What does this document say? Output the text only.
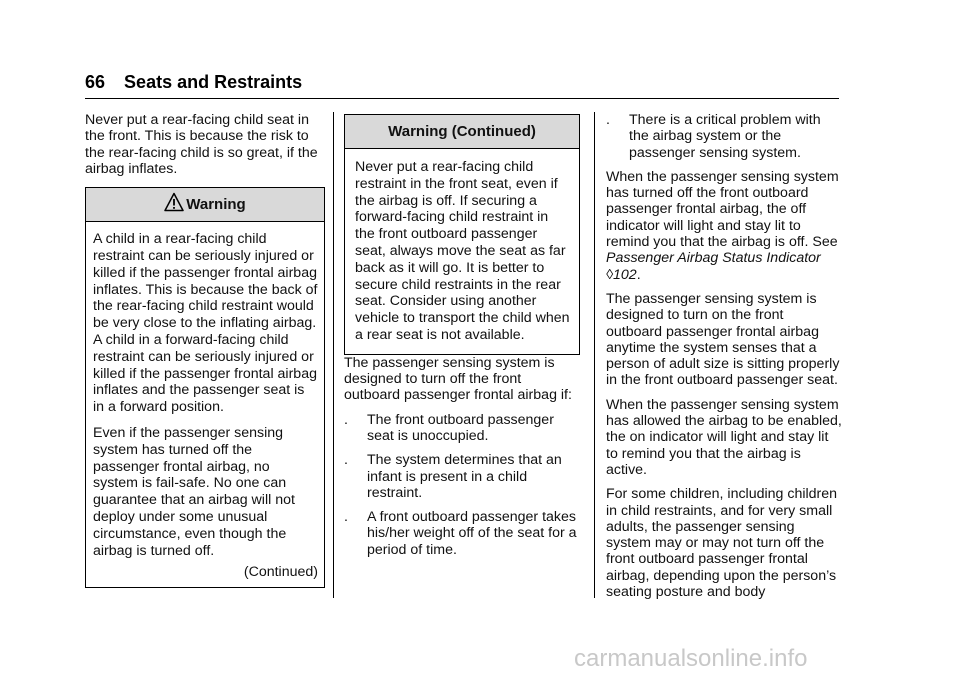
66 Seats and Restraints

Never put a rear-facing child seat in the front. This is because the risk to the rear-facing child is so great, if the airbag inflates.

Warning

A child in a rear-facing child restraint can be seriously injured or killed if the passenger frontal airbag inflates. This is because the back of the rear-facing child restraint would be very close to the inflating airbag. A child in a forward-facing child restraint can be seriously injured or killed if the passenger frontal airbag inflates and the passenger seat is in a forward position.

Even if the passenger sensing system has turned off the passenger frontal airbag, no system is fail-safe. No one can guarantee that an airbag will not deploy under some unusual circumstance, even though the airbag is turned off.

(Continued)
Warning (Continued)

Never put a rear-facing child restraint in the front seat, even if the airbag is off. If securing a forward-facing child restraint in the front outboard passenger seat, always move the seat as far back as it will go. It is better to secure child restraints in the rear seat. Consider using another vehicle to transport the child when a rear seat is not available.

The passenger sensing system is designed to turn off the front outboard passenger frontal airbag if:

. The front outboard passenger seat is unoccupied.
. The system determines that an infant is present in a child restraint.
. A front outboard passenger takes his/her weight off of the seat for a period of time.
. There is a critical problem with the airbag system or the passenger sensing system.

When the passenger sensing system has turned off the front outboard passenger frontal airbag, the off indicator will light and stay lit to remind you that the airbag is off. See Passenger Airbag Status Indicator ◊102.

The passenger sensing system is designed to turn on the front outboard passenger frontal airbag anytime the system senses that a person of adult size is sitting properly in the front outboard passenger seat.

When the passenger sensing system has allowed the airbag to be enabled, the on indicator will light and stay lit to remind you that the airbag is active.

For some children, including children in child restraints, and for very small adults, the passenger sensing system may or may not turn off the front outboard passenger frontal airbag, depending upon the person’s seating posture and body

carmanualsonline.info
